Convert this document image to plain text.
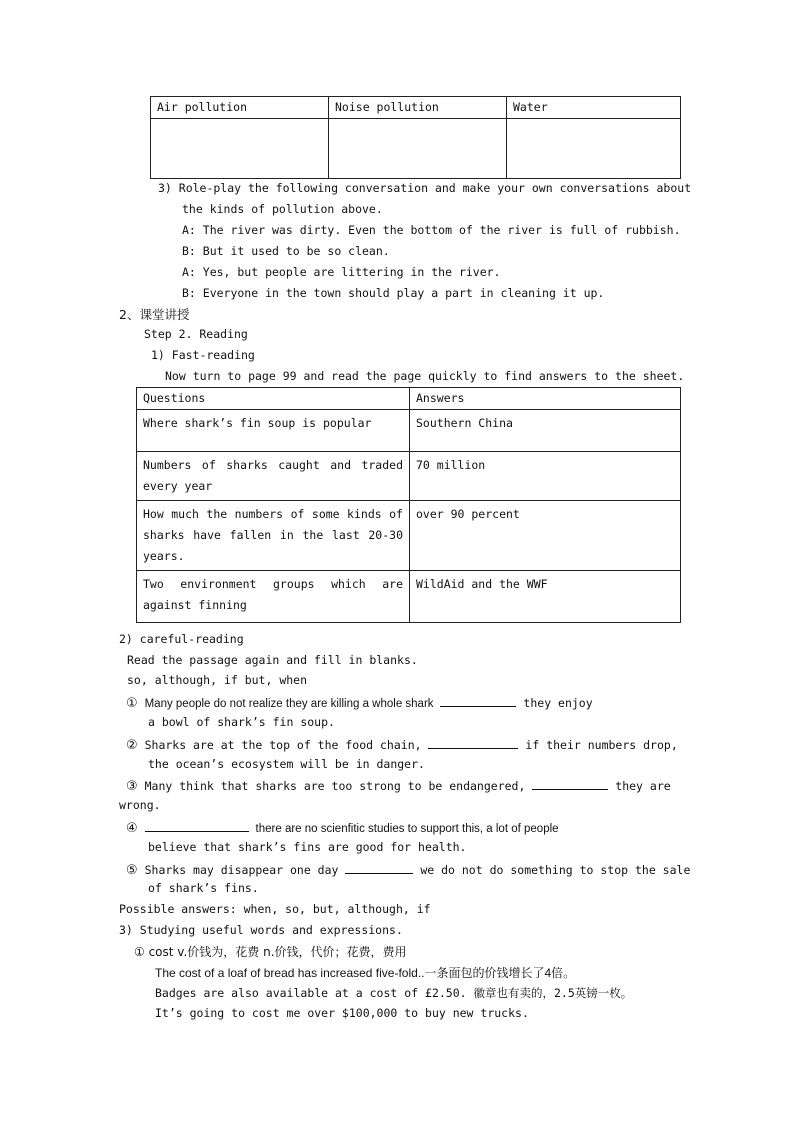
Air pollution	Noise pollution	Water

3) Role-play the following conversation and make your own conversations about
the kinds of pollution above.
A: The river was dirty. Even the bottom of the river is full of rubbish.
B: But it used to be so clean.
A: Yes, but people are littering in the river.
B: Everyone in the town should play a part in cleaning it up.
2、课堂讲授
Step 2. Reading
1) Fast-reading
Now turn to page 99 and read the page quickly to find answers to the sheet.
Questions	Answers
Where shark’s fin soup is popular	Southern China
Numbers of sharks caught and traded every year	70 million
How much the numbers of some kinds of sharks have fallen in the last 20-30 years.	over 90 percent
Two environment groups which are against finning	WildAid and the WWF
2) careful-reading
Read the passage again and fill in blanks.
so, although, if but, when
① Many people do not realize they are killing a whole shark	they enjoy
a bowl of shark’s fin soup.
② Sharks are at the top of the food chain,	if their numbers drop,
the ocean’s ecosystem will be in danger.
③ Many think that sharks are too strong to be endangered,	they are
wrong.
④	there are no scienfitic studies to support this, a lot of people
believe that shark’s fins are good for health.
⑤ Sharks may disappear one day	we do not do something to stop the sale
of shark’s fins.
Possible answers: when, so, but, although, if
3) Studying useful words and expressions.
① cost v.价钱为，花费 n.价钱，代价；花费，费用
The cost of a loaf of bread has increased five-fold..一条面包的价钱增长了4倍。
Badges are also available at a cost of £2.50. 徽章也有卖的，2.5英镑一枚。
It’s going to cost me over $100,000 to buy new trucks.
